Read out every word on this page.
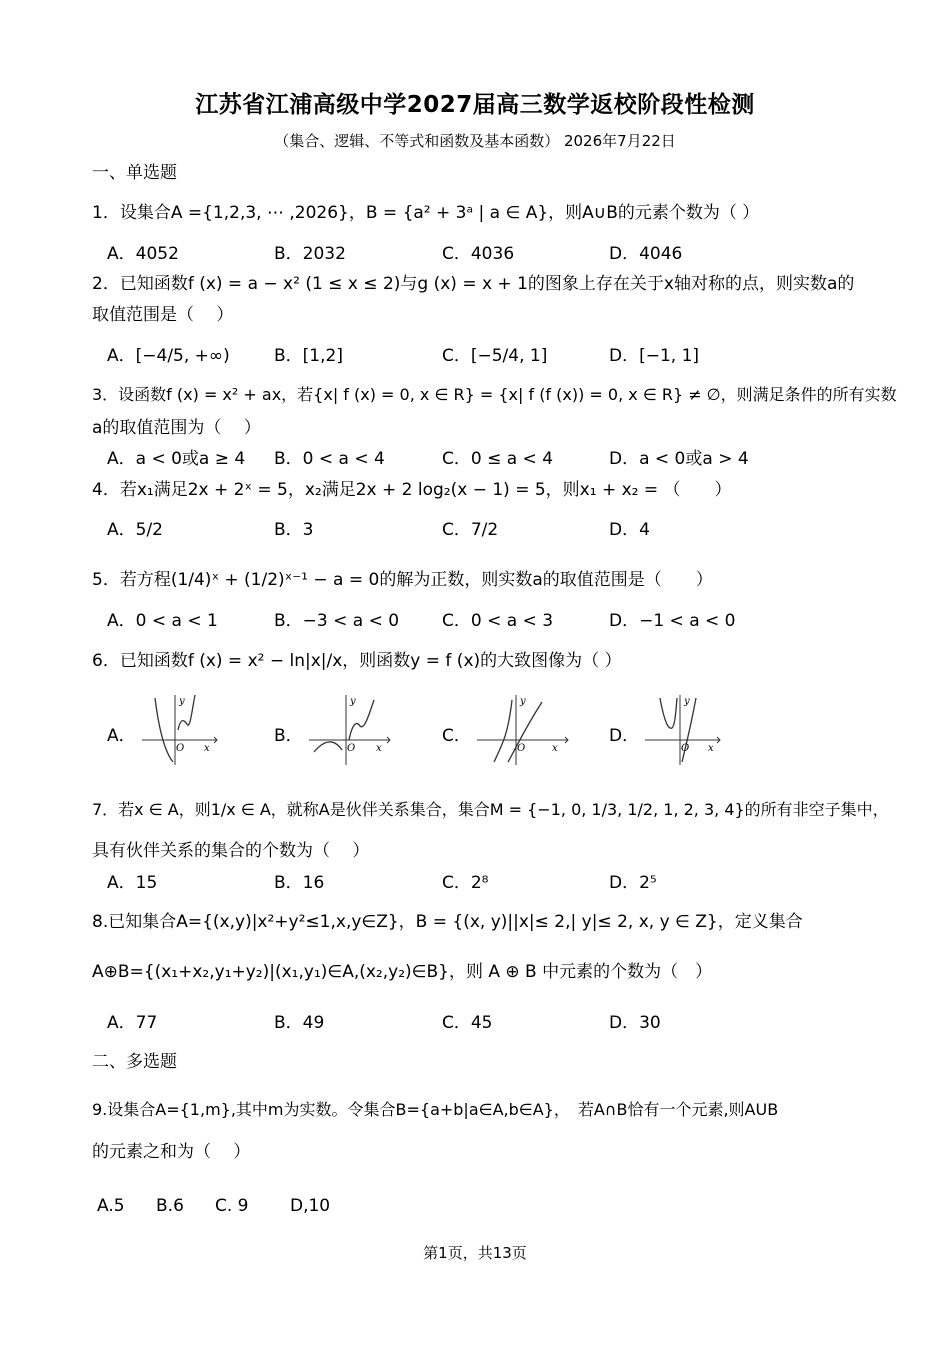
江苏省江浦高级中学2027届高三数学返校阶段性检测
（集合、逻辑、不等式和函数及基本函数） 2026年7月22日
一、单选题
1．设集合A ={1,2,3, ⋯ ,2026}，B = {a² + 3ᵃ | a ∈ A}，则A∪B的元素个数为（ ）
A．4052	B．2032	C．4036	D．4046
2．已知函数f (x) = a − x² (1 ≤ x ≤ 2)与g (x) = x + 1的图象上存在关于x轴对称的点，则实数a的
取值范围是（　 ）
A．[−4/5, +∞)	B．[1,2]	C．[−5/4, 1]	D．[−1, 1]
3．设函数f (x) = x² + ax，若{x| f (x) = 0, x ∈ R} = {x| f (f (x)) = 0, x ∈ R} ≠ ∅，则满足条件的所有实数
a的取值范围为（　 ）
A．a < 0或a ≥ 4 B．0 < a < 4	C．0 ≤ a < 4	D．a < 0或a > 4
4．若x₁满足2x + 2ˣ = 5，x₂满足2x + 2 log₂(x − 1) = 5，则x₁ + x₂ = （　　）
A．5/2	B．3	C．7/2	D．4
5．若方程(1/4)ˣ + (1/2)ˣ⁻¹ − a = 0的解为正数，则实数a的取值范围是（　　）
A．0 < a < 1	B．−3 < a < 0	C．0 < a < 3	D．−1 < a < 0
6．已知函数f (x) = x² − ln|x|/x，则函数y = f (x)的大致图像为（ ）
A．	B．	C．	D．
O x
y
O x
y
O	x
y
O x
y
7．若x ∈ A，则1/x ∈ A，就称A是伙伴关系集合，集合M = {−1, 0, 1/3, 1/2, 1, 2, 3, 4}的所有非空子集中，
具有伙伴关系的集合的个数为（　 ）
A．15	B．16	C．2⁸	D．2⁵
8.已知集合A={(x,y)|x²+y²≤1,x,y∈Z}，B = {(x, y)||x|≤ 2,| y|≤ 2, x, y ∈ Z}，定义集合
A⊕B={(x₁+x₂,y₁+y₂)|(x₁,y₁)∈A,(x₂,y₂)∈B}，则 A ⊕ B 中元素的个数为（　）
A．77	B．49	C．45	D．30
二、多选题
9.设集合A={1,m},其中m为实数。令集合B={a+b|a∈A,b∈A}，　若A∩B恰有一个元素,则AUB
的元素之和为（　 ）
A.5 B.6 C. 9 D,10
第1页，共13页
